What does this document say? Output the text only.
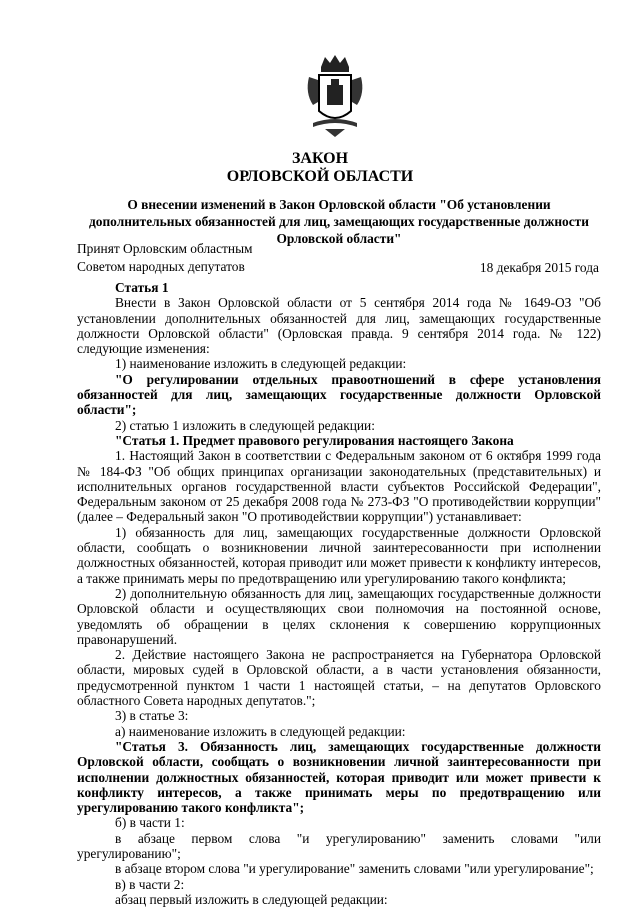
ЗАКОН
ОРЛОВСКОЙ ОБЛАСТИ
О внесении изменений в Закон Орловской области "Об установлении дополнительных обязанностей для лиц, замещающих государственные должности Орловской области"
Принят Орловским областным
Советом народных депутатов	18 декабря 2015 года

Статья 1

Внести в Закон Орловской области от 5 сентября 2014 года № 1649-ОЗ "Об установлении дополнительных обязанностей для лиц, замещающих государственные должности Орловской области" (Орловская правда. 9 сентября 2014 года. № 122) следующие изменения:

1) наименование изложить в следующей редакции:

"О регулировании отдельных правоотношений в сфере установления обязанностей для лиц, замещающих государственные должности Орловской области";

2) статью 1 изложить в следующей редакции:

"Статья 1. Предмет правового регулирования настоящего Закона

1. Настоящий Закон в соответствии с Федеральным законом от 6 октября 1999 года № 184-ФЗ "Об общих принципах организации законодательных (представительных) и исполнительных органов государственной власти субъектов Российской Федерации", Федеральным законом от 25 декабря 2008 года № 273-ФЗ "О противодействии коррупции" (далее – Федеральный закон "О противодействии коррупции") устанавливает:

1) обязанность для лиц, замещающих государственные должности Орловской области, сообщать о возникновении личной заинтересованности при исполнении должностных обязанностей, которая приводит или может привести к конфликту интересов, а также принимать меры по предотвращению или урегулированию такого конфликта;

2) дополнительную обязанность для лиц, замещающих государственные должности Орловской области и осуществляющих свои полномочия на постоянной основе, уведомлять об обращении в целях склонения к совершению коррупционных правонарушений.

2. Действие настоящего Закона не распространяется на Губернатора Орловской области, мировых судей в Орловской области, а в части установления обязанности, предусмотренной пунктом 1 части 1 настоящей статьи, – на депутатов Орловского областного Совета народных депутатов.";

3) в статье 3:

а) наименование изложить в следующей редакции:

"Статья 3. Обязанность лиц, замещающих государственные должности Орловской области, сообщать о возникновении личной заинтересованности при исполнении должностных обязанностей, которая приводит или может привести к конфликту интересов, а также принимать меры по предотвращению или урегулированию такого конфликта";

б) в части 1:

в абзаце первом слова "и урегулированию" заменить словами "или урегулированию";

в абзаце втором слова "и урегулирование" заменить словами "или урегулирование";

в) в части 2:

абзац первый изложить в следующей редакции:
